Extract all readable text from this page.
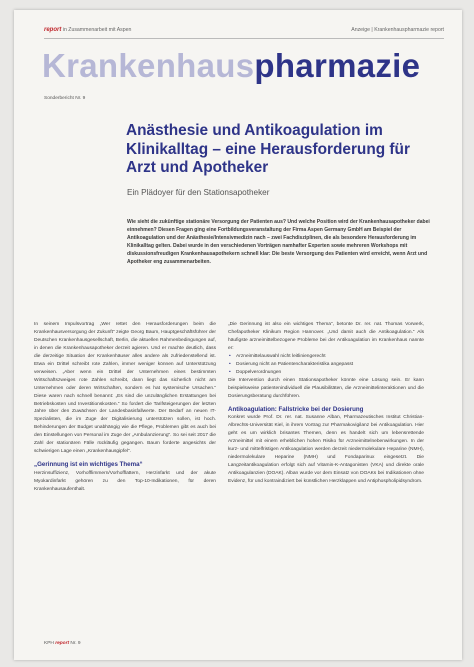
report in Zusammenarbeit mit Aspen	Anzeige | Krankenhauspharmazie report
Krankenhauspharmazie
Sonderbericht Nr. 9
Anästhesie und Antikoagulation im Klinikalltag – eine Herausforderung für Arzt und Apotheker
Ein Plädoyer für den Stationsapotheker
Wie sieht die zukünftige stationäre Versorgung der Patienten aus? Und welche Position wird der Krankenhausapotheker dabei einnehmen? Diesen Fragen ging eine Fortbildungsveranstaltung der Firma Aspen Germany GmbH am Beispiel der Antikoagulation und der Anästhesie/Intensivmedizin nach – zwei Fachdisziplinen, die als besondere Herausforderung im Klinikalltag gelten. Dabei wurde in den verschiedenen Vorträgen namhafter Experten sowie mehreren Workshops mit diskussionsfreudigen Krankenhausapothekern schnell klar: Die beste Versorgung des Patienten wird erreicht, wenn Arzt und Apotheker eng zusammenarbeiten.

In seinem Impulsvortrag „Wer rettet den Herausforderungen beim die Krankenhausversorgung der Zukunft“ zeigte Georg Baum, Hauptgeschäftsführer der Deutschen Krankenhausgesellschaft, Berlin, die aktuellen Rahmenbedingungen auf, in denen die Krankenhausapotheker derzeit agieren. Und er machte deutlich, dass die derzeitige Situation der Krankenhäuser alles andere als zufriedenstellend ist. Etwa ein Drittel schreibt rote Zahlen, immer weniger können auf Unterstützung verweisen. „Aber wenn ein Drittel der Unternehmen eines bestimmten Wirtschaftszweiges rote Zahlen schreibt, dann liegt das sicherlich nicht am Unternehmen oder deren Wirtschaften, sondern es hat systemische Ursachen.“ Diese waren nach schnell benannt: „Es sind die unzulänglichen Erstattungen bei Betriebskosten und Investitionskosten.“ So fordert die Tarifsteigerungen der letzten Jahre über den Zuwächsen der Landesbasisfallwerte. Der Bedarf an neuen IT-Spezialisten, die im Zuge der Digitalisierung unterstützen sollen, ist hoch. Behinderungen der Budget unabhängig wie die Pflege, Problemen gibt es auch bei den Einstellungen von Personal im Zuge der „Ambulanzierung“. So sei seit 2017 die Zahl der stationären Fälle rückläufig gegangen. Baum forderte angesichts der schwierigen Lage einen „Krankenhausgipfel“.

„Gerinnung ist ein wichtiges Thema“

Herzinsuffizienz, Vorhofflimmern/Vorhofflattern, Herzinfarkt und der akute Myokardinfarkt gehören zu den Top-10-Indikationen, für deren Krankenhausaufenthalt.

„Die Gerinnung ist also ein wichtiges Thema“, betonte Dr. rer. nat. Thomas Vorwerk, Chefapotheker Klinikum Region Hannover. „Und damit auch die Antikoagulation.“ Als häufigste arzneimittelbezogene Probleme bei der Antikoagulation im Krankenhaus nannte er:

• Arzneimittelauswahl nicht leitliniengerecht
• Dosierung nicht an Patientencharakteristika angepasst
• Doppelverordnungen

Die Intervention durch einen Stationsapotheker könnte eine Lösung sein. Er kann beispielsweise patientenindividuell die Plausibilitäten, die Arzneimittelinteraktionen und die Dosierungsberatung durchführen.

Antikoagulation: Fallstricke bei der Dosierung

Konkret wurde Prof. Dr. rer. nat. Susanne Alban, Pharmazeutisches Institut Christian-Albrechts-Universität Kiel, in ihrem Vortrag zur Pharmakovigilanz bei Antikoagulation. Hier geht es um wirklich brisantes Themen, denn es handelt sich um lebensrettende Arzneimittel mit einem erheblichen hohen Risiko für Arzneimittelnebenwirkungen. In der kurz- und mittelfristigen Antikoagulation werden derzeit niedermolekulare Heparine (NMH), niedermolekulare Heparine (NMH) und Fondaparinux eingesetzt. Die Langzeitantikoagulation erfolgt sich auf Vitamin-K-Antagonisten (VKA) und direkte orale Antikoagulanzien (DOAK). Alban wurde vor dem Einsatz von DOAKs bei Indikationen ohne Evidenz, für und kontraindiziert bei künstlichen Herzklappen und Antiphospholipidsyndrom.

KPH report Nr. 9
